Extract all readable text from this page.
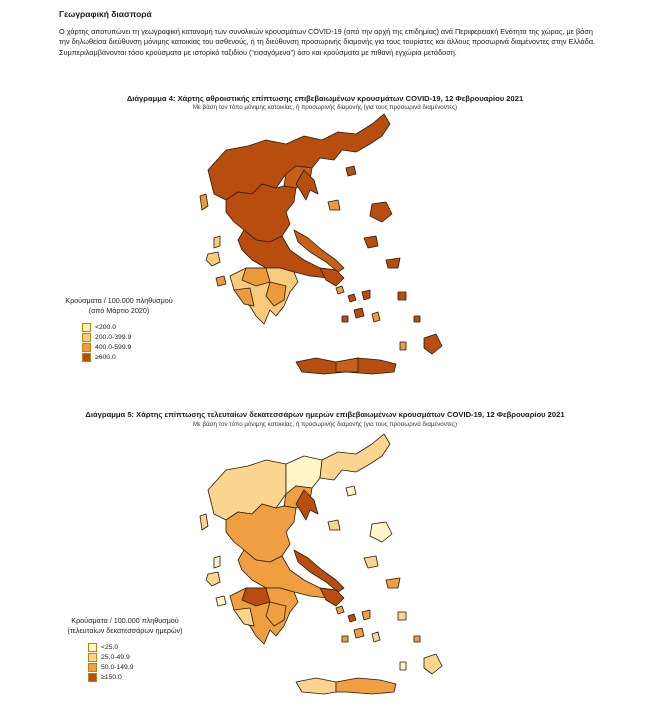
Γεωγραφική διασπορά
Ο χάρτης αποτυπώνει τη γεωγραφική κατανομή των συνολικών κρουσμάτων COVID-19 (από την αρχή της επιδημίας) ανά Περιφερειακή Ενότητα της χώρας, με βάση την δηλωθείσα διεύθυνση μόνιμης κατοικίας του ασθενούς, ή τη διεύθυνση προσωρινής διαμονής για τους τουρίστες και άλλους προσωρινά διαμένοντες στην Ελλάδα. Συμπεριλαμβάνονται τόσο κρούσματα με ιστορικό ταξιδίου (“εισαγόμενα”) όσο και κρούσματα με πιθανή εγχώρια μετάδοση.
Διάγραμμα 4: Χάρτης αθροιστικής επίπτωσης επιβεβαιωμένων κρουσμάτων COVID-19, 12 Φεβρουαρίου 2021
Με βάση τον τόπο μόνιμης κατοικίας, ή προσωρινής διαμονής (για τους προσωρινά διαμένοντες)
Κρούσματα / 100.000 πληθυσμού
(από Μάρτιο 2020)
<200.0
200.0-399.9
400.0-599.9
≥600.0
Διάγραμμα 5: Χάρτης επίπτωσης τελευταίων δεκατεσσάρων ημερών επιβεβαιωμένων κρουσμάτων COVID-19, 12 Φεβρουαρίου 2021
Με βάση τον τόπο μόνιμης κατοικίας, ή προσωρινής διαμονής (για τους προσωρινά διαμένοντες)
Κρούσματα / 100.000 πληθυσμού
(τελευταίων δεκατεσσάρων ημερών)
<25.0
25.0-49.9
50.0-149.9
≥150.0
